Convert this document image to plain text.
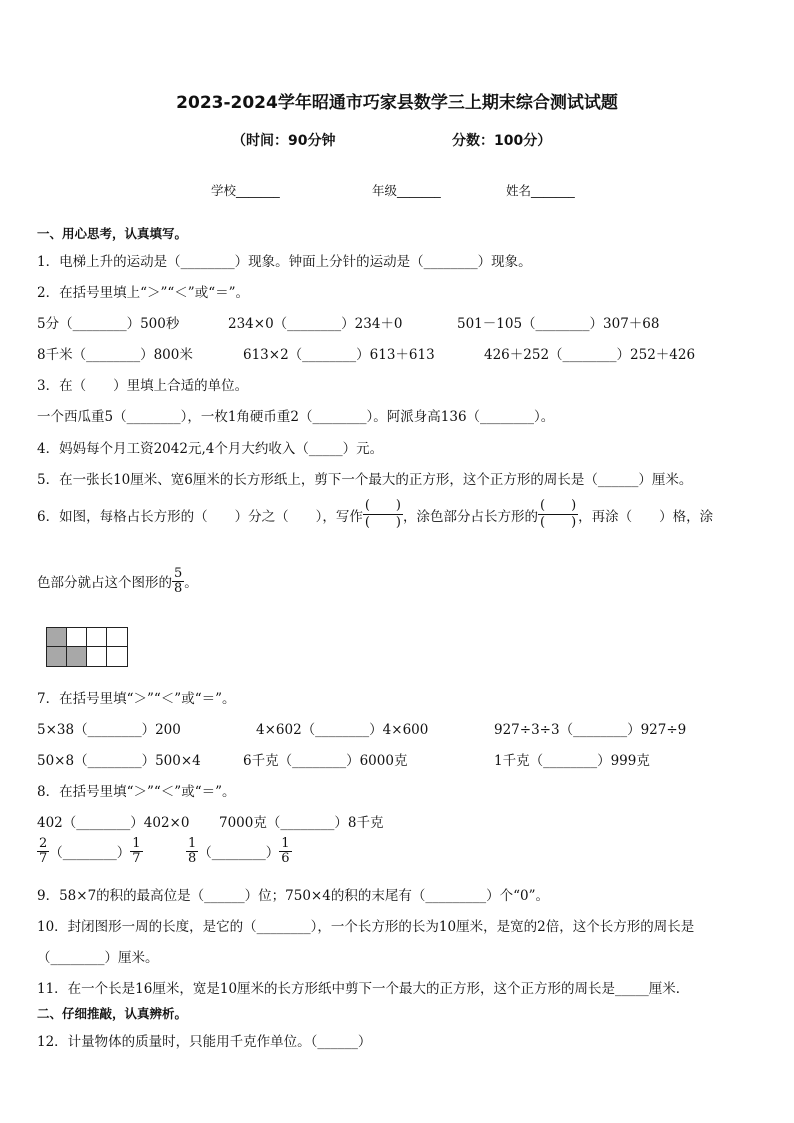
2023-2024学年昭通市巧家县数学三上期末综合测试试题
（时间：90分钟	分数：100分）
学校_______	年级_______	姓名_______
一、用心思考，认真填写。
1．电梯上升的运动是（________）现象。钟面上分针的运动是（________）现象。
2．在括号里填上“＞”“＜”或“＝”。
5分（________）500秒	234×0（________）234＋0	501－105（________）307＋68
8千米（________）800米	613×2（________）613＋613	426＋252（________）252＋426
3．在（　　）里填上合适的单位。
一个西瓜重5（________），一枚1角硬币重2（________）。阿派身高136（________）。
4．妈妈每个月工资2042元,4个月大约收入（_____）元。
5．在一张长10厘米、宽6厘米的长方形纸上，剪下一个最大的正方形，这个正方形的周长是（______）厘米。
6．如图，每格占长方形的（　　）分之（　　），写作
(　　)
(　　) ，涂色部分占长方形的
(　　)
(　　) ，再涂（　　）格，涂
色部分就占这个图形的 $\frac{5}{8}$ 。
7．在括号里填“＞”“＜”或“＝”。
5×38（________）200	4×602（________）4×600	927÷3÷3（________）927÷9
50×8（________）500×4	6千克（________）6000克	1千克（________）999克
8．在括号里填“＞”“＜”或“＝”。
402（________）402×0 7000克（________）8千克
$\frac{2}{7}$ （________） $\frac{1}{7}$	$\frac{1}{8}$ （________） $\frac{1}{6}$
9．58×7的积的最高位是（______）位；750×4的积的末尾有（_________）个“0”。
10．封闭图形一周的长度，是它的（________），一个长方形的长为10厘米，是宽的2倍，这个长方形的周长是
（________）厘米。
11．在一个长是16厘米，宽是10厘米的长方形纸中剪下一个最大的正方形，这个正方形的周长是_____厘米．
二、仔细推敲，认真辨析。
12．计量物体的质量时，只能用千克作单位。（______）
